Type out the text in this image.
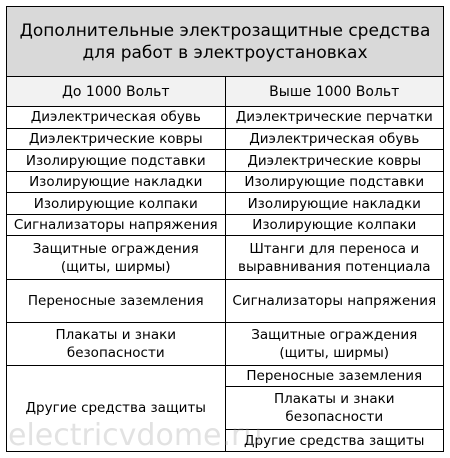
Дополнительные электрозащитные средства для работ в электроустановках	
До 1000 Вольт	Выше 1000 Вольт
Диэлектрическая обувь	Диэлектрические перчатки
Диэлектрические ковры	Диэлектрическая обувь
Изолирующие подставки	Диэлектрические ковры
Изолирующие накладки	Изолирующие подставки
Изолирующие колпаки	Изолирующие накладки
Сигнализаторы напряжения	Изолирующие колпаки
Защитные ограждения (щиты, ширмы)	Штанги для переноса и выравнивания потенциала
Переносные заземления	Сигнализаторы напряжения
Плакаты и знаки безопасности	Защитные ограждения (щиты, ширмы)
Другие средства защиты	Переносные заземления
	Плакаты и знаки безопасности
	Другие средства защиты
electricvdome.ru
